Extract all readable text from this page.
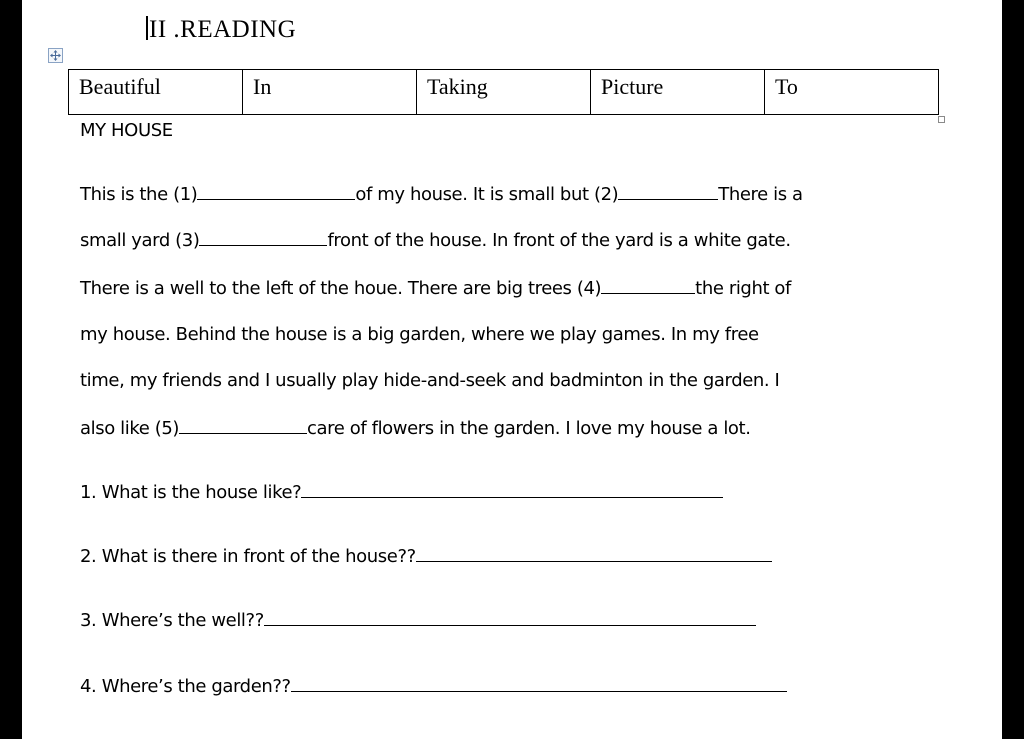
II .READING
Beautiful	In	Taking	Picture	To
MY HOUSE
This is the (1)	of my house. It is small but (2)	There is a
small yard (3)	front of the house. In front of the yard is a white gate.
There is a well to the left of the houe. There are big trees (4)	the right of
my house. Behind the house is a big garden, where we play games. In my free
time, my friends and I usually play hide-and-seek and badminton in the garden. I
also like (5)	care of flowers in the garden. I love my house a lot.
1. What is the house like?
2. What is there in front of the house??
3. Where’s the well??
4. Where’s the garden??
